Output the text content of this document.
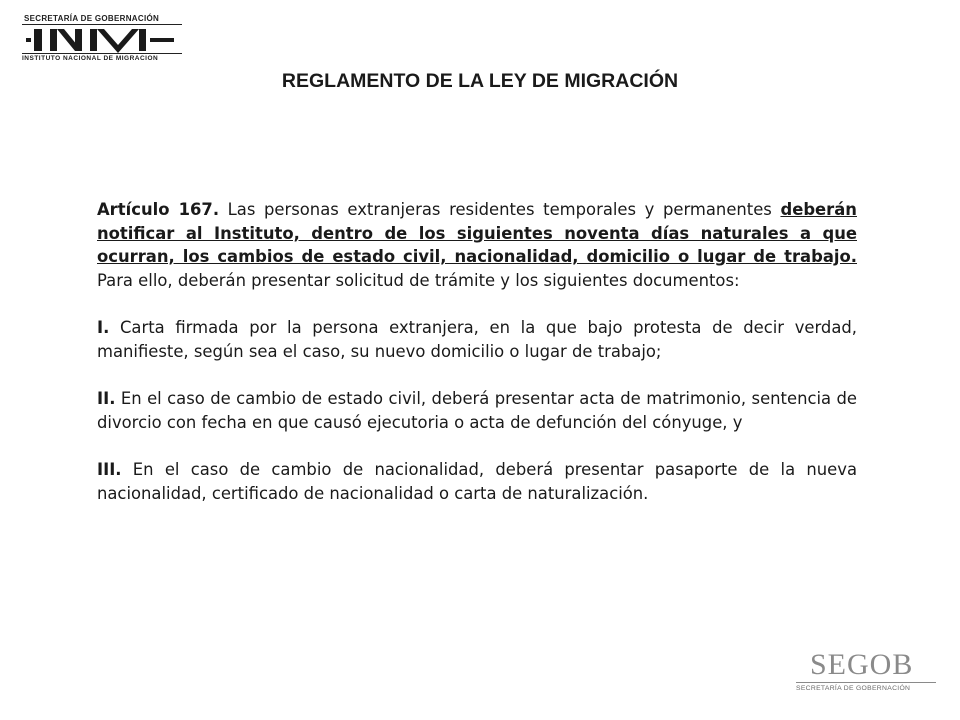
SECRETARÍA DE GOBERNACIÓN
INSTITUTO NACIONAL DE MIGRACIÓN
REGLAMENTO DE LA LEY DE MIGRACIÓN

Artículo 167. Las personas extranjeras residentes temporales y permanentes deberán notificar al Instituto, dentro de los siguientes noventa días naturales a que ocurran, los cambios de estado civil, nacionalidad, domicilio o lugar de trabajo. Para ello, deberán presentar solicitud de trámite y los siguientes documentos:

I. Carta firmada por la persona extranjera, en la que bajo protesta de decir verdad, manifieste, según sea el caso, su nuevo domicilio o lugar de trabajo;

II. En el caso de cambio de estado civil, deberá presentar acta de matrimonio, sentencia de divorcio con fecha en que causó ejecutoria o acta de defunción del cónyuge, y

III. En el caso de cambio de nacionalidad, deberá presentar pasaporte de la nueva nacionalidad, certificado de nacionalidad o carta de naturalización.

SEGOB
SECRETARÍA DE GOBERNACIÓN
